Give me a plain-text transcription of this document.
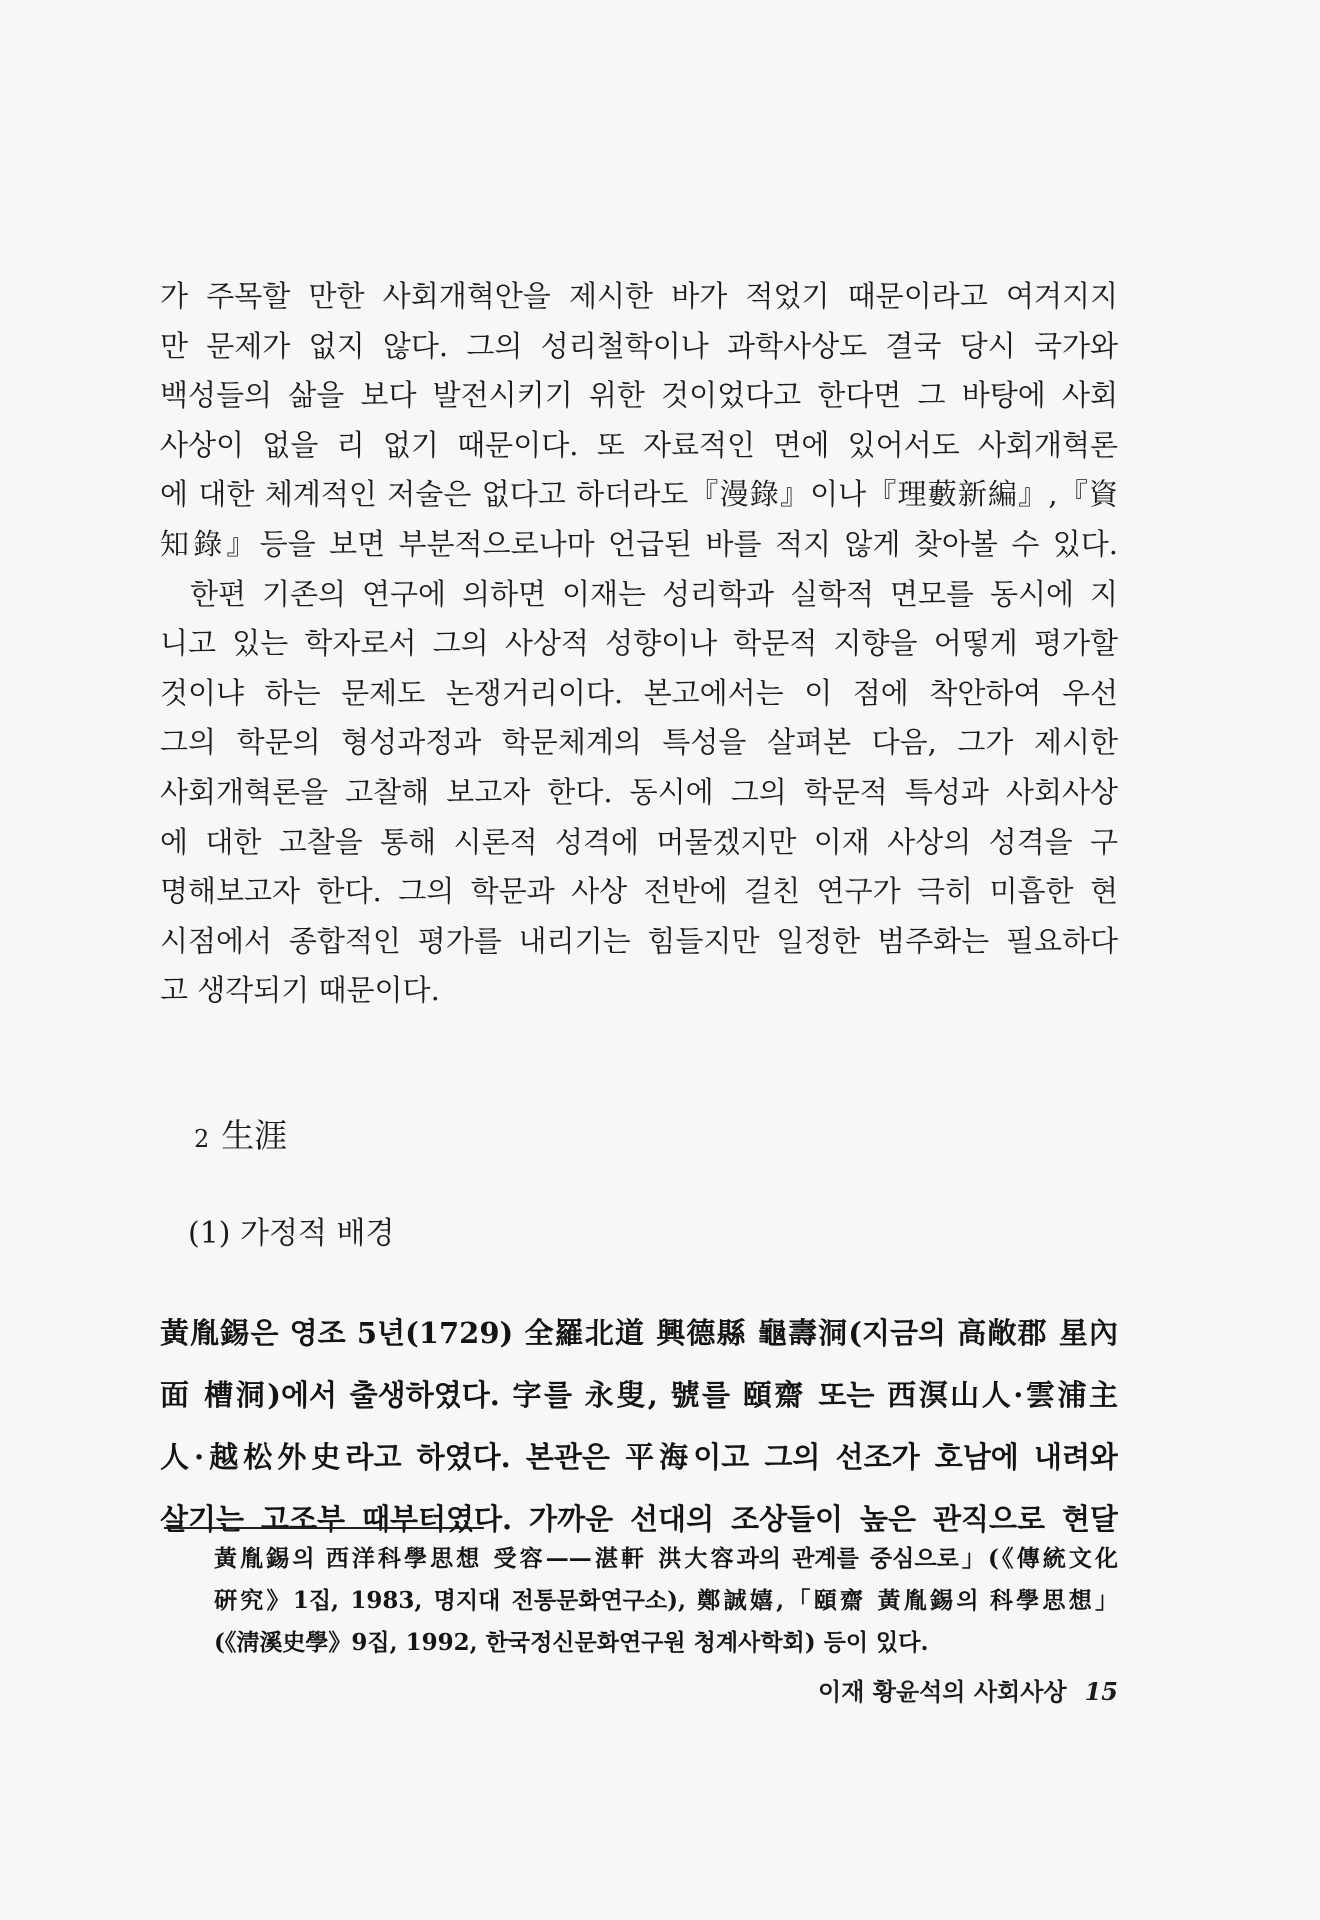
가 주목할 만한 사회개혁안을 제시한 바가 적었기 때문이라고 여겨지지
만 문제가 없지 않다. 그의 성리철학이나 과학사상도 결국 당시 국가와
백성들의 삶을 보다 발전시키기 위한 것이었다고 한다면 그 바탕에 사회
사상이 없을 리 없기 때문이다. 또 자료적인 면에 있어서도 사회개혁론
에 대한 체계적인 저술은 없다고 하더라도『漫錄』이나『理藪新編』,『資
知錄』등을 보면 부분적으로나마 언급된 바를 적지 않게 찾아볼 수 있다.
한편 기존의 연구에 의하면 이재는 성리학과 실학적 면모를 동시에 지
니고 있는 학자로서 그의 사상적 성향이나 학문적 지향을 어떻게 평가할
것이냐 하는 문제도 논쟁거리이다. 본고에서는 이 점에 착안하여 우선
그의 학문의 형성과정과 학문체계의 특성을 살펴본 다음, 그가 제시한
사회개혁론을 고찰해 보고자 한다. 동시에 그의 학문적 특성과 사회사상
에 대한 고찰을 통해 시론적 성격에 머물겠지만 이재 사상의 성격을 구
명해보고자 한다. 그의 학문과 사상 전반에 걸친 연구가 극히 미흡한 현
시점에서 종합적인 평가를 내리기는 힘들지만 일정한 범주화는 필요하다
고 생각되기 때문이다.
2 生涯
(1) 가정적 배경
黃胤錫은 영조 5년(1729) 全羅北道 興德縣 龜壽洞(지금의 高敞郡 星內
面 槽洞)에서 출생하였다. 字를 永叟, 號를 頤齋 또는 西溟山人·雲浦主
人·越松外史라고 하였다. 본관은 平海이고 그의 선조가 호남에 내려와
살기는 고조부 때부터였다. 가까운 선대의 조상들이 높은 관직으로 현달
黃胤錫의 西洋科學思想 受容——湛軒 洪大容과의 관계를 중심으로」(《傳統文化
硏究》1집, 1983, 명지대 전통문화연구소), 鄭誠嬉,「頤齋 黃胤錫의 科學思想」
(《淸溪史學》9집, 1992, 한국정신문화연구원 청계사학회) 등이 있다.
이재 황윤석의 사회사상 15
